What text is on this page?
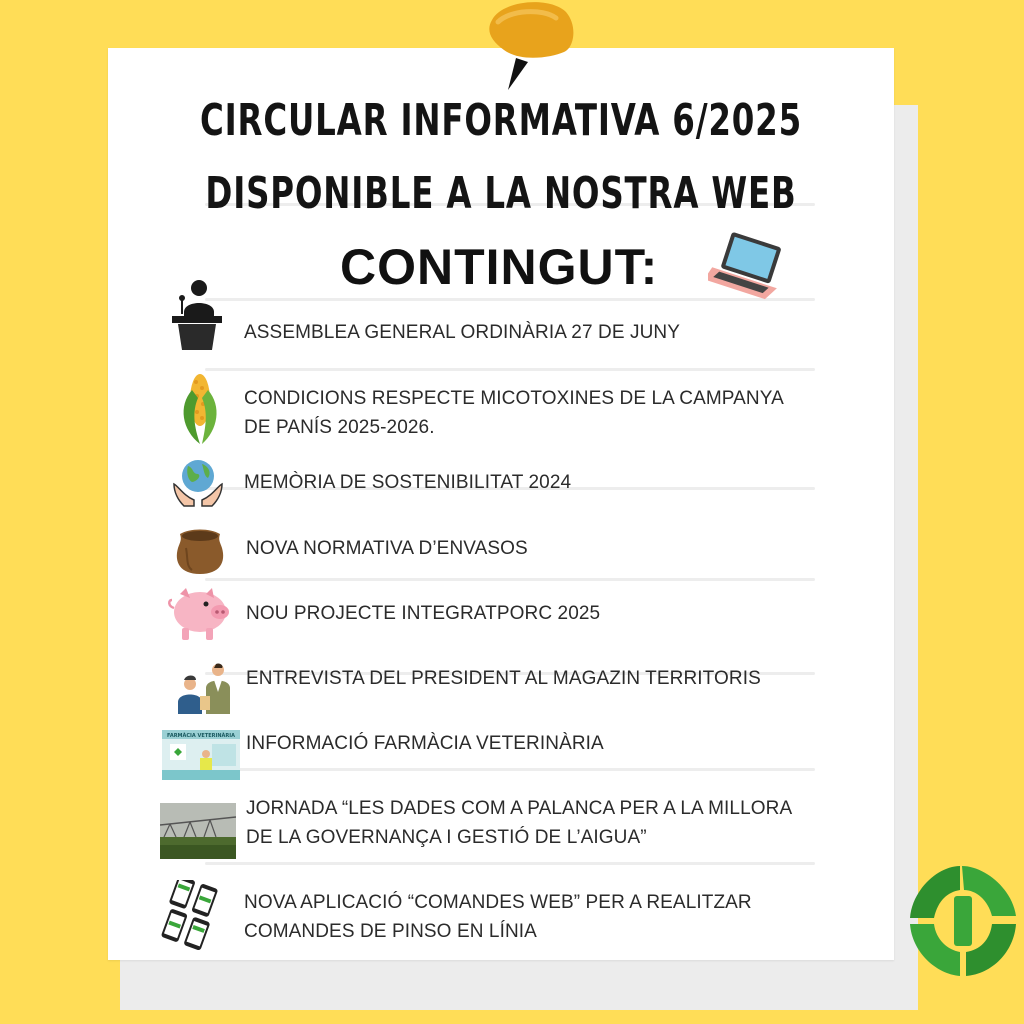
CIRCULAR INFORMATIVA 6/2025
DISPONIBLE A LA NOSTRA WEB
CONTINGUT:
ASSEMBLEA GENERAL ORDINÀRIA 27 DE JUNY
CONDICIONS RESPECTE MICOTOXINES DE LA CAMPANYA DE PANÍS 2025-2026.
MEMÒRIA DE SOSTENIBILITAT 2024
NOVA NORMATIVA D’ENVASOS
NOU PROJECTE INTEGRATPORC 2025
ENTREVISTA DEL PRESIDENT AL MAGAZIN TERRITORIS
FARMÀCIA VETERINÀRIA INFORMACIÓ FARMÀCIA VETERINÀRIA
JORNADA “LES DADES COM A PALANCA PER A LA MILLORA DE LA GOVERNANÇA I GESTIÓ DE L’AIGUA”
NOVA APLICACIÓ “COMANDES WEB” PER A REALITZAR COMANDES DE PINSO EN LÍNIA
